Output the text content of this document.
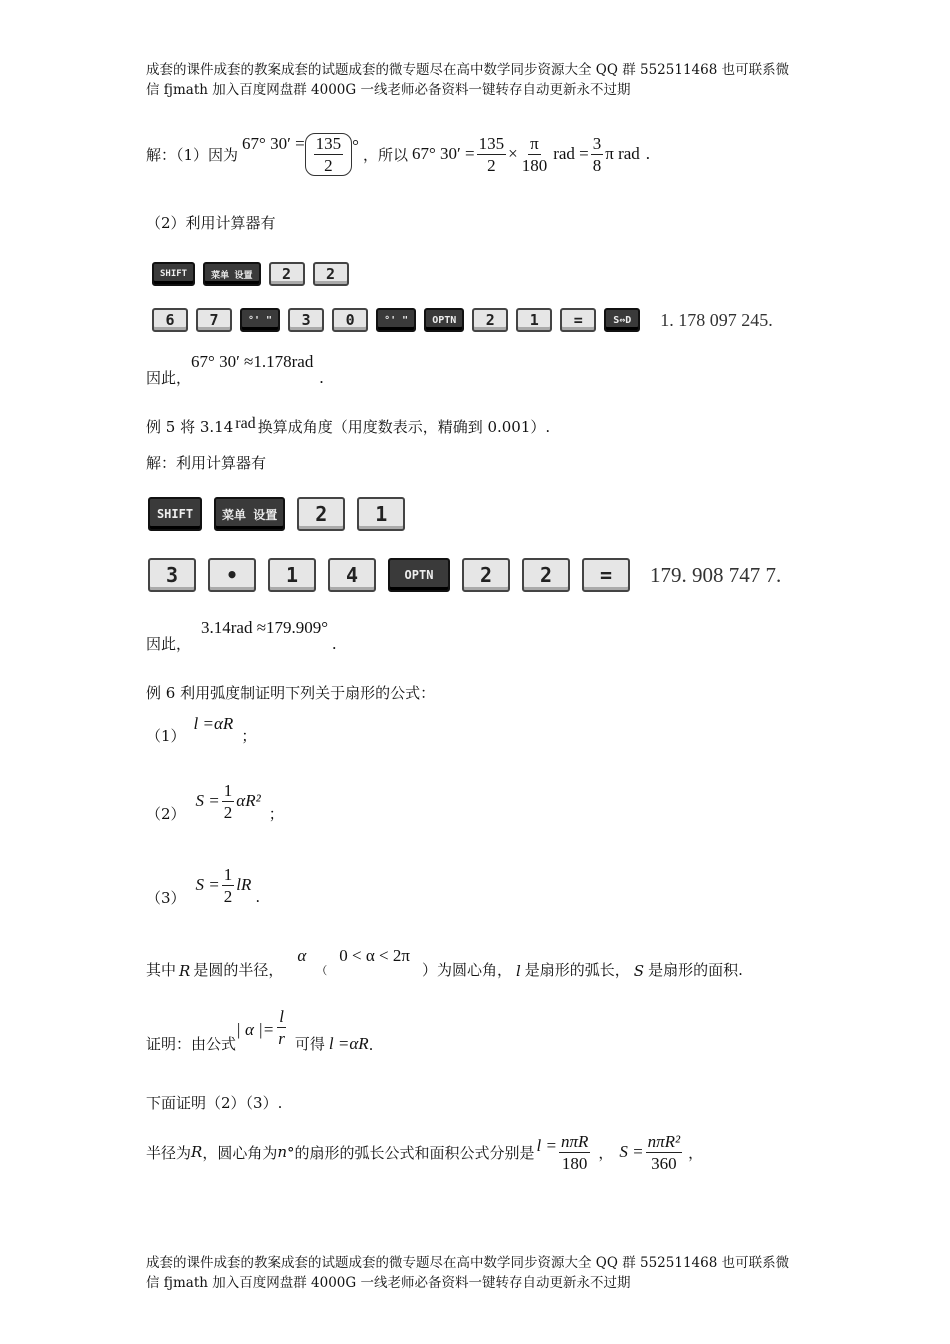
成套的课件成套的教案成套的试题成套的微专题尽在高中数学同步资源大全 QQ 群 552511468 也可联系微
信 fjmath 加入百度网盘群 4000G 一线老师必备资料一键转存自动更新永不过期
解：（1）因为
67° $30' = \frac{135}{2}$ ° ，所以 67° $30' = \frac{135}{2} \times \frac{\pi}{180}$ rad = $\frac{3}{8}$ π rad .
（2）利用计算器有
SHIFT	菜单 设置	2	2
6	7	°' "	3	0	°' "	OPTN	2	1	=	S⇔D	1. 178 097 245.
因此，
67° 30′ ≈1.178rad
.
例 5 将 3.14 rad 换算成角度（用度数表示，精确到 0.001）.
解：利用计算器有
SHIFT	菜单 设置	2	1
3	•	1	4	OPTN	2	2	=	179. 908 747 7.
因此，
3.14rad ≈179.909°
.
例 6 利用弧度制证明下列关于扇形的公式：
（1）
l =αR
；
（2）
$S = \frac{1}{2} \alpha R^2$
；
（3）
$S = \frac{1}{2}$ lR
.
其中 R 是圆的半径，
α
（
0 < α < 2π
）为圆心角， l 是扇形的弧长， S 是扇形的面积.
证明：由公式
| α |= $\frac{l}{r}$ 可得 l =αR .
下面证明（2）（3）.
半径为 R ，圆心角为 n °的扇形的弧长公式和面积公式分别是 $l = \frac{\text{nπR}}{180}$ ， $S = \frac{\text{nπR²}}{360}$ ，
成套的课件成套的教案成套的试题成套的微专题尽在高中数学同步资源大全 QQ 群 552511468 也可联系微
信 fjmath 加入百度网盘群 4000G 一线老师必备资料一键转存自动更新永不过期
